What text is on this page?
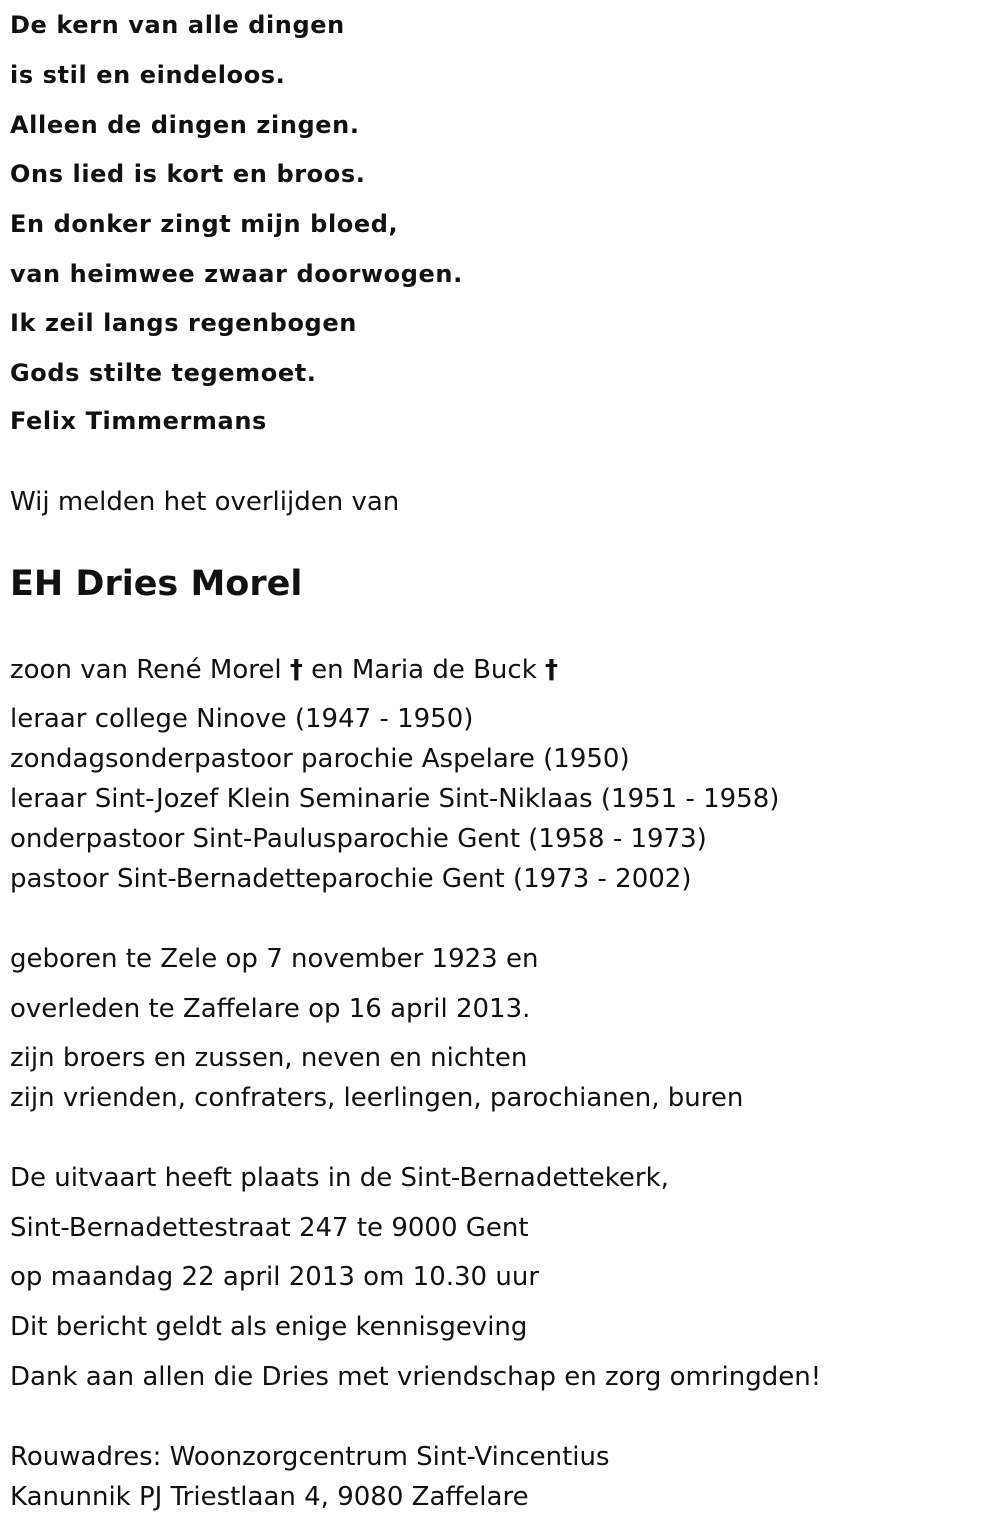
De kern van alle dingen
is stil en eindeloos.
Alleen de dingen zingen.
Ons lied is kort en broos.
En donker zingt mijn bloed,
van heimwee zwaar doorwogen.
Ik zeil langs regenbogen
Gods stilte tegemoet.
Felix Timmermans
Wij melden het overlijden van
EH Dries Morel
zoon van René Morel † en Maria de Buck †
leraar college Ninove (1947 - 1950)
zondagsonderpastoor parochie Aspelare (1950)
leraar Sint-Jozef Klein Seminarie Sint-Niklaas (1951 - 1958)
onderpastoor Sint-Paulusparochie Gent (1958 - 1973)
pastoor Sint-Bernadetteparochie Gent (1973 - 2002)
geboren te Zele op 7 november 1923 en
overleden te Zaffelare op 16 april 2013.
zijn broers en zussen, neven en nichten
zijn vrienden, confraters, leerlingen, parochianen, buren
De uitvaart heeft plaats in de Sint-Bernadettekerk,
Sint-Bernadettestraat 247 te 9000 Gent
op maandag 22 april 2013 om 10.30 uur
Dit bericht geldt als enige kennisgeving
Dank aan allen die Dries met vriendschap en zorg omringden!
Rouwadres: Woonzorgcentrum Sint-Vincentius
Kanunnik PJ Triestlaan 4, 9080 Zaffelare
